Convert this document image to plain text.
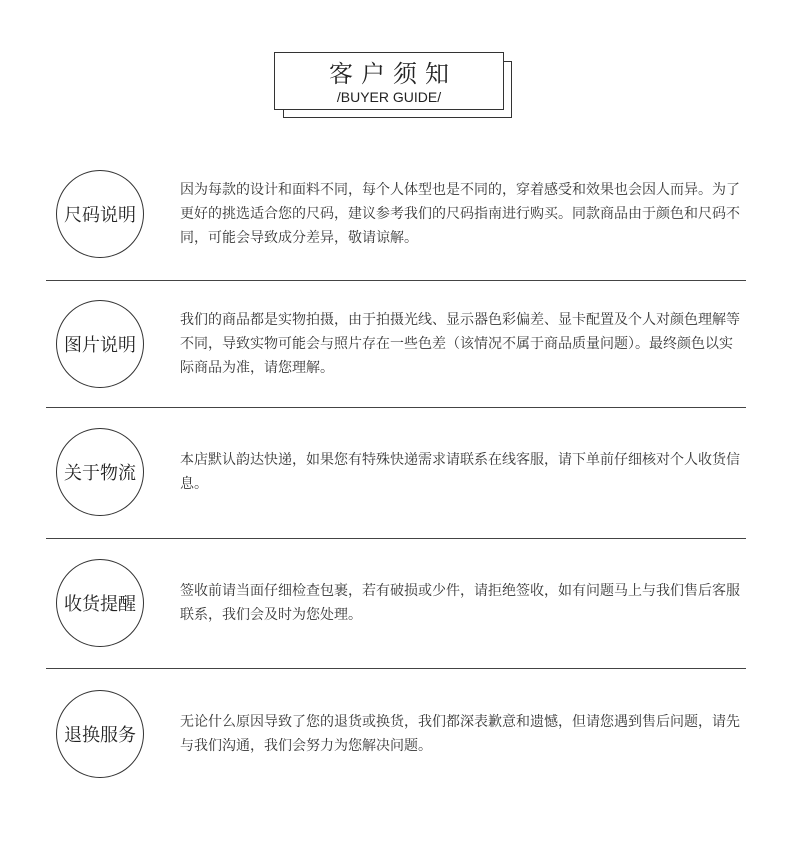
客户须知
/BUYER GUIDE/
尺码说明

因为每款的设计和面料不同，每个人体型也是不同的，穿着感受和效果也会因人而异。为了更好的挑选适合您的尺码，建议参考我们的尺码指南进行购买。同款商品由于颜色和尺码不同，可能会导致成分差异，敬请谅解。

图片说明

我们的商品都是实物拍摄，由于拍摄光线、显示器色彩偏差、显卡配置及个人对颜色理解等不同，导致实物可能会与照片存在一些色差（该情况不属于商品质量问题）。最终颜色以实际商品为准，请您理解。

关于物流

本店默认韵达快递，如果您有特殊快递需求请联系在线客服，请下单前仔细核对个人收货信息。

收货提醒

签收前请当面仔细检查包裹，若有破损或少件，请拒绝签收，如有问题马上与我们售后客服联系，我们会及时为您处理。

退换服务

无论什么原因导致了您的退货或换货，我们都深表歉意和遗憾，但请您遇到售后问题，请先与我们沟通，我们会努力为您解决问题。
